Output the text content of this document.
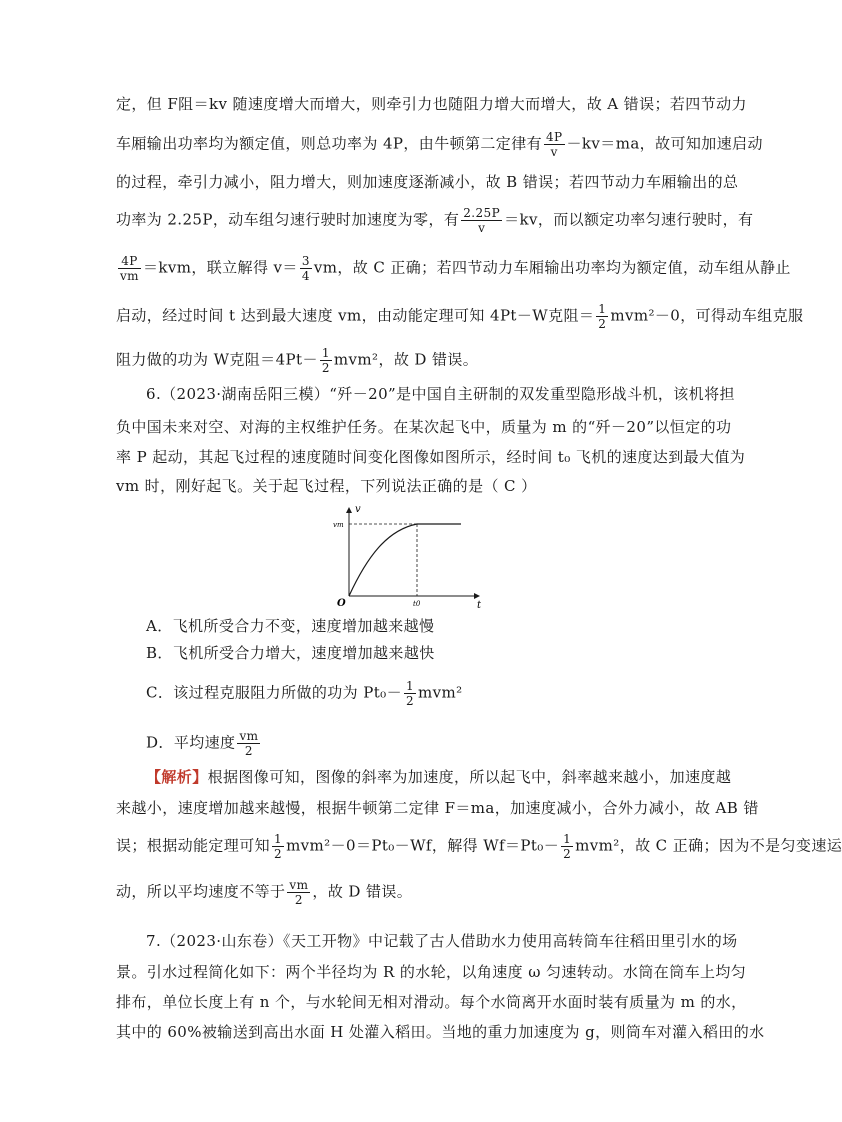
定，但 F阻＝kv 随速度增大而增大，则牵引力也随阻力增大而增大，故 A 错误；若四节动力
车厢输出功率均为额定值，则总功率为 4P，由牛顿第二定律有 $\frac{4P}{v} -kv=ma$，故可知加速启动
的过程，牵引力减小，阻力增大，则加速度逐渐减小，故 B 错误；若四节动力车厢输出的总
功率为 2.25P，动车组匀速行驶时加速度为零，有 $\frac{2.25P}{v} =kv$，而以额定功率匀速行驶时，有
$\frac{4P}{vm} =kvm$，联立解得 $v= \frac{3}{4}$ vm，故 C 正确；若四节动力车厢输出功率均为额定值，动车组从静止
启动，经过时间 t 达到最大速度 vm，由动能定理可知 4Pt－W克阻＝ $\frac{1}{2} mvm^2-0$，可得动车组克服
阻力做的功为 W克阻$=4Pt- \frac{1}{2} mvm^2$，故 D 错误。
6.（2023·湖南岳阳三模）“歼－20”是中国自主研制的双发重型隐形战斗机，该机将担
负中国未来对空、对海的主权维护任务。在某次起飞中，质量为 m 的“歼－20”以恒定的功
率 P 起动，其起飞过程的速度随时间变化图像如图所示，经时间 t₀ 飞机的速度达到最大值为
vm 时，刚好起飞。关于起飞过程，下列说法正确的是（ C ）
v
t
O
vm
t0
A．飞机所受合力不变，速度增加越来越慢
B．飞机所受合力增大，速度增加越来越快
C．该过程克服阻力所做的功为 $Pt_0- \frac{1}{2} mvm^2$
D．平均速度 $\frac{vm}{2}$
【解析】根据图像可知，图像的斜率为加速度，所以起飞中，斜率越来越小，加速度越
来越小，速度增加越来越慢，根据牛顿第二定律 F＝ma，加速度减小，合外力减小，故 AB 错
误；根据动能定理可知 $\frac{1}{2} mvm^2-0=Pt_0-Wf$，解得 $Wf=Pt_0- \frac{1}{2} mvm^2$，故 C 正确；因为不是匀变速运
动，所以平均速度不等于 $\frac{vm}{2}$ ，故 D 错误。
7.（2023·山东卷）《天工开物》中记载了古人借助水力使用高转筒车往稻田里引水的场
景。引水过程简化如下：两个半径均为 R 的水轮，以角速度 ω 匀速转动。水筒在筒车上均匀
排布，单位长度上有 n 个，与水轮间无相对滑动。每个水筒离开水面时装有质量为 m 的水，
其中的 60%被输送到高出水面 H 处灌入稻田。当地的重力加速度为 g，则筒车对灌入稻田的水
